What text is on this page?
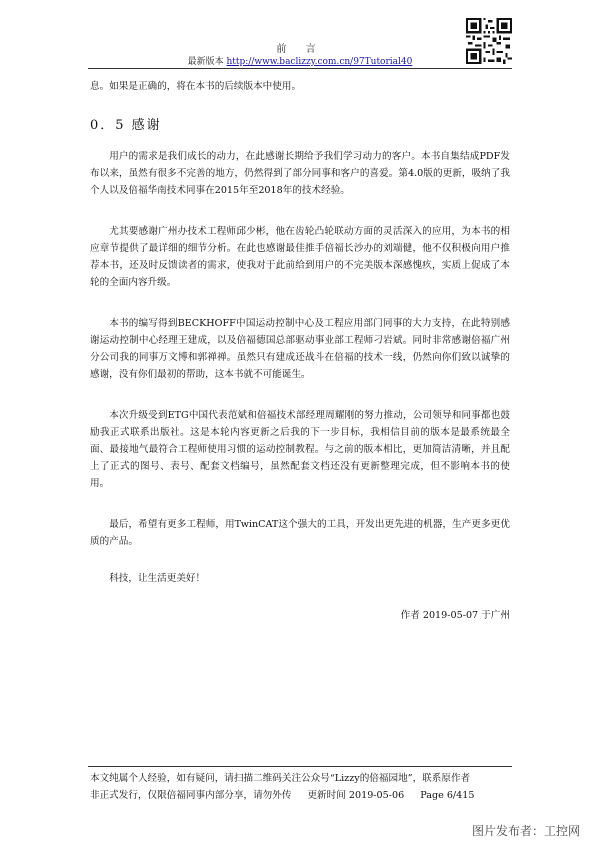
前 言
最新版本 http://www.baclizzy.com.cn/97Tutorial40

息。如果是正确的，将在本书的后续版本中使用。

0．5 感谢

用户的需求是我们成长的动力，在此感谢长期给予我们学习动力的客户。本书自集结成PDF发布以来，虽然有很多不完善的地方，仍然得到了部分同事和客户的喜爱。第4.0版的更新，吸纳了我个人以及倍福华南技术同事在2015年至2018年的技术经验。

尤其要感谢广州办技术工程师邱少彬，他在齿轮凸轮联动方面的灵活深入的应用，为本书的相应章节提供了最详细的细节分析。在此也感谢最佳推手倍福长沙办的刘端健，他不仅积极向用户推荐本书，还及时反馈读者的需求，使我对于此前给到用户的不完美版本深感愧疚，实质上促成了本轮的全面内容升级。

本书的编写得到BECKHOFF中国运动控制中心及工程应用部门同事的大力支持，在此特别感谢运动控制中心经理王建成，以及倍福德国总部驱动事业部工程师刁岩斌。同时非常感谢倍福广州分公司我的同事万文博和郭禅禅。虽然只有建成还战斗在倍福的技术一线，仍然向你们致以诚挚的感谢，没有你们最初的帮助，这本书就不可能诞生。

本次升级受到ETG中国代表范斌和倍福技术部经理周耀刚的努力推动，公司领导和同事都也鼓励我正式联系出版社。这是本轮内容更新之后我的下一步目标，我相信目前的版本是最系统最全面、最接地气最符合工程师使用习惯的运动控制教程。与之前的版本相比，更加简洁清晰，并且配上了正式的图号、表号、配套文档编号，虽然配套文档还没有更新整理完成，但不影响本书的使用。

最后，希望有更多工程师，用TwinCAT这个强大的工具，开发出更先进的机器，生产更多更优质的产品。

科技，让生活更美好！

作者 2019-05-07 于广州

本文纯属个人经验，如有疑问，请扫描二维码关注公众号“Lizzy的倍福园地”，联系原作者
非正式发行，仅限倍福同事内部分享，请勿外传 更新时间 2019-05-06 Page 6/415
图片发布者：工控网
